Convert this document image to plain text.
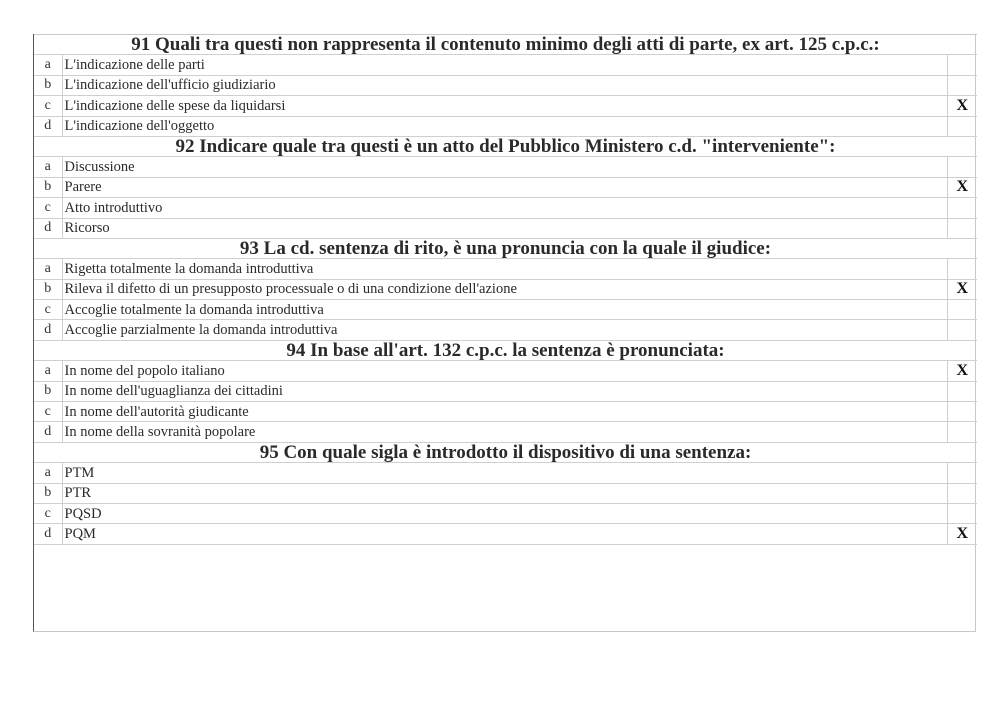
91 Quali tra questi non rappresenta il contenuto minimo degli atti di parte, ex art. 125 c.p.c.:		
a	L'indicazione delle parti	
b	L'indicazione dell'ufficio giudiziario	
c	L'indicazione delle spese da liquidarsi	X
d	L'indicazione dell'oggetto	
92 Indicare quale tra questi è un atto del Pubblico Ministero c.d. "interveniente":		
a	Discussione	
b	Parere	X
c	Atto introduttivo	
d	Ricorso	
93 La cd. sentenza di rito, è una pronuncia con la quale il giudice:		
a	Rigetta totalmente la domanda introduttiva	
b	Rileva il difetto di un presupposto processuale o di una condizione dell'azione	X
c	Accoglie totalmente la domanda introduttiva	
d	Accoglie parzialmente la domanda introduttiva	
94 In base all'art. 132 c.p.c. la sentenza è pronunciata:		
a	In nome del popolo italiano	X
b	In nome dell'uguaglianza dei cittadini	
c	In nome dell'autorità giudicante	
d	In nome della sovranità popolare	
95 Con quale sigla è introdotto il dispositivo di una sentenza:		
a	PTM	
b	PTR	
c	PQSD	
d	PQM	X
